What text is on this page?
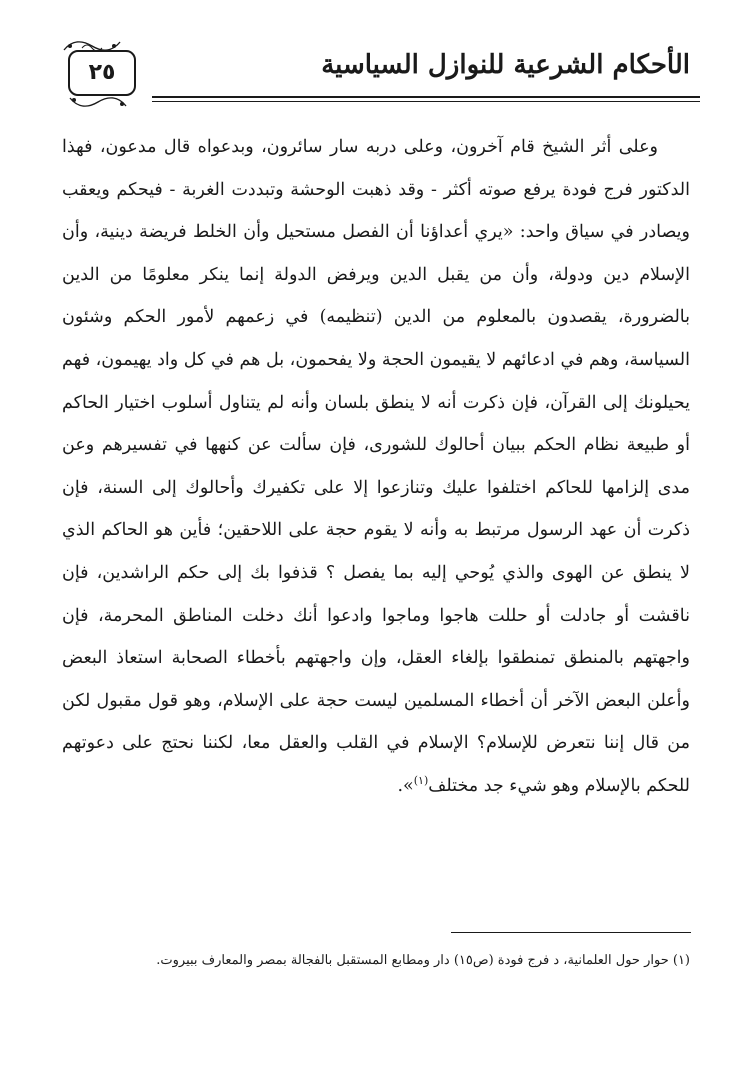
الأحكام الشرعية للنوازل السياسية
٢٥

وعلى أثر الشيخ قام آخرون، وعلى دربه سار سائرون، وبدعواه قال مدعون، فهذا الدكتور فرج فودة يرفع صوته أكثر - وقد ذهبت الوحشة وتبددت الغربة - فيحكم ويعقب ويصادر في سياق واحد: «يري أعداؤنا أن الفصل مستحيل وأن الخلط فريضة دينية، وأن الإسلام دين ودولة، وأن من يقبل الدين ويرفض الدولة إنما ينكر معلومًا من الدين بالضرورة، يقصدون بالمعلوم من الدين (تنظيمه) في زعمهم لأمور الحكم وشئون السياسة، وهم في ادعائهم لا يقيمون الحجة ولا يفحمون، بل هم في كل واد يهيمون، فهم يحيلونك إلى القرآن، فإن ذكرت أنه لا ينطق بلسان وأنه لم يتناول أسلوب اختيار الحاكم أو طبيعة نظام الحكم ببيان أحالوك للشورى، فإن سألت عن كنهها في تفسيرهم وعن مدى إلزامها للحاكم اختلفوا عليك وتنازعوا إلا على تكفيرك وأحالوك إلى السنة، فإن ذكرت أن عهد الرسول مرتبط به وأنه لا يقوم حجة على اللاحقين؛ فأين هو الحاكم الذي لا ينطق عن الهوى والذي يُوحي إليه بما يفصل ؟ قذفوا بك إلى حكم الراشدين، فإن ناقشت أو جادلت أو حللت هاجوا وماجوا وادعوا أنك دخلت المناطق المحرمة، فإن واجهتهم بالمنطق تمنطقوا بإلغاء العقل، وإن واجهتهم بأخطاء الصحابة استعاذ البعض وأعلن البعض الآخر أن أخطاء المسلمين ليست حجة على الإسلام، وهو قول مقبول لكن من قال إننا نتعرض للإسلام؟ الإسلام في القلب والعقل معا، لكننا نحتج على دعوتهم للحكم بالإسلام وهو شيء جد مختلف$^{(١)}$».

(١) حوار حول العلمانية، د فرج فودة (ص١٥) دار ومطابع المستقبل بالفجالة بمصر والمعارف ببيروت.
